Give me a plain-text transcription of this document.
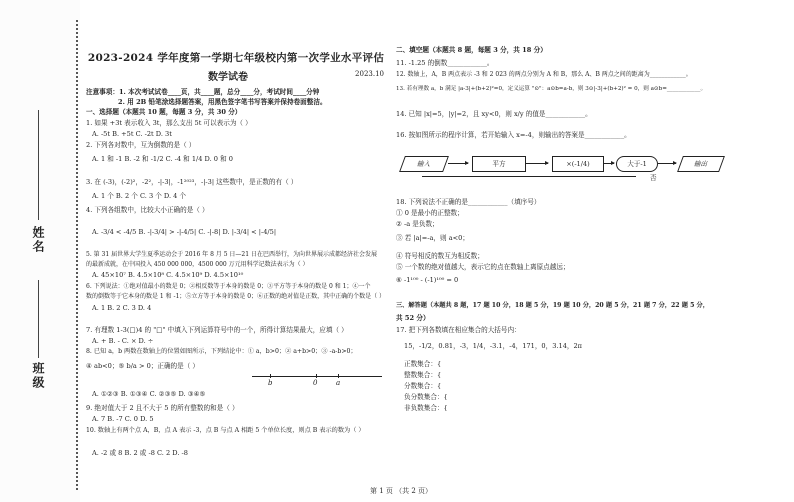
姓名
班级
2023-2024 学年度第一学期七年级校内第一次学业水平评估
数学试卷	2023.10
注意事项：1. 本次考试试卷____页，共____题，总分____分，考试时间____分钟
2. 用 2B 铅笔涂选择题答案，用黑色签字笔书写答案并保持卷面整洁。
一、选择题（本题共 10 题，每题 3 分，共 30 分）
1. 如果 +3t 表示收入 3t，那么支出 5t 可以表示为（ ）
A. -5t B. +5t C. -2t D. 3t
2. 下列各对数中，互为倒数的是（ ）
A. 1 和 -1 B. -2 和 -1/2 C. -4 和 1/4 D. 0 和 0
3. 在 (-3)，(-2)²，-2²，-|-3|，-1²⁰²³，-|-3| 这些数中，是正数的有（ ）
A. 1 个 B. 2 个 C. 3 个 D. 4 个
4. 下列各组数中，比较大小正确的是（ ）
A. -3/4 < -4/5 B. -|-3/4| > -|-4/5| C. -|-8| D. |-3/4| < |-4/5|
5. 第 31 届世界大学生夏季运动会于 2016 年 8 月 5 日—21 日在巴西举行，为向世界展示成都经济社会发展
的最新成就，在中国投入 450 000 000，4500 000 万元用科学记数法表示为（ ）
A. 45×10⁷ B. 4.5×10⁸ C. 4.5×10⁹ D. 4.5×10¹⁰
6. 下列说法：①绝对值最小的数是 0；②相反数等于本身的数是 0；③平方等于本身的数是 0 和 1；④一个
数的倒数等于它本身的数是 1 和 -1；⑤立方等于本身的数是 0；⑥正数的绝对值是正数，其中正确的个数是（ ）
A. 1 B. 2 C. 3 D. 4
7. 有理数 1-3(□)4 的 "□" 中填入下列运算符号中的一个，所得计算结果最大，应填（ ）
A. + B. - C. × D. ÷
8. 已知 a，b 两数在数轴上的位置如图所示，下列结论中：① a，b>0；② a+b>0；③ -a-b>0；
④ ab<0；⑤ b/a > 0；正确的是（ ）
b	0	a
A. ①②③ B. ①③④ C. ②③⑤ D. ③④⑤
9. 绝对值大于 2 且不大于 5 的所有整数的和是（ ）
A. 7 B. -7 C. 0 D. 5
10. 数轴上有两个点 A，B，点 A 表示 -3，点 B 与点 A 相距 5 个单位长度，则点 B 表示的数为（ ）
A. -2 或 8 B. 2 或 -8 C. 2 D. -8
二、填空题（本题共 8 题，每题 3 分，共 18 分）
11. -1.25 的倒数____________。
12. 数轴上，A，B 两点表示 -3 和 2 023 的两点分别为 A 和 B，那么 A、B 两点之间的距离为____________。
13. 若有理数 a，b 满足 |a-3|+(b+2)²=0，定义运算 "⊙"：a⊙b=a-b，则 3⊙|-3|+(b+2)² = 0，则 a⊙b=____________。
14. 已知 |x|=5，|y|=2，且 xy<0，则 x/y 的值是____________。
16. 按如图所示的程序计算，若开始输入 x=-4，则输出的答案是____________。
输入	平方	×(-1/4)	大于-1	输出
否
18. 下列说法不正确的是____________（填序号）
① 0 是最小的正整数；
② -a 是负数；
③ 若 |a|=-a，则 a<0；
④ 符号相反的数互为相反数；
⑤ 一个数的绝对值越大，表示它的点在数轴上离原点越远；
⑥ -1¹⁰⁰ - (-1)¹⁰⁰ = 0
三、解答题（本题共 8 题，17 题 10 分，18 题 5 分，19 题 10 分，20 题 5 分，21 题 7 分，22 题 5 分，
共 52 分）
17. 把下列各数填在相应集合的大括号内：
15，-1/2，0.81，-3，1/4，-3.1，-4，171，0，3.14，2π
正数集合：{
整数集合：{
分数集合：{
负分数集合：{
非负数集合：{
第 1 页 （共 2 页）
